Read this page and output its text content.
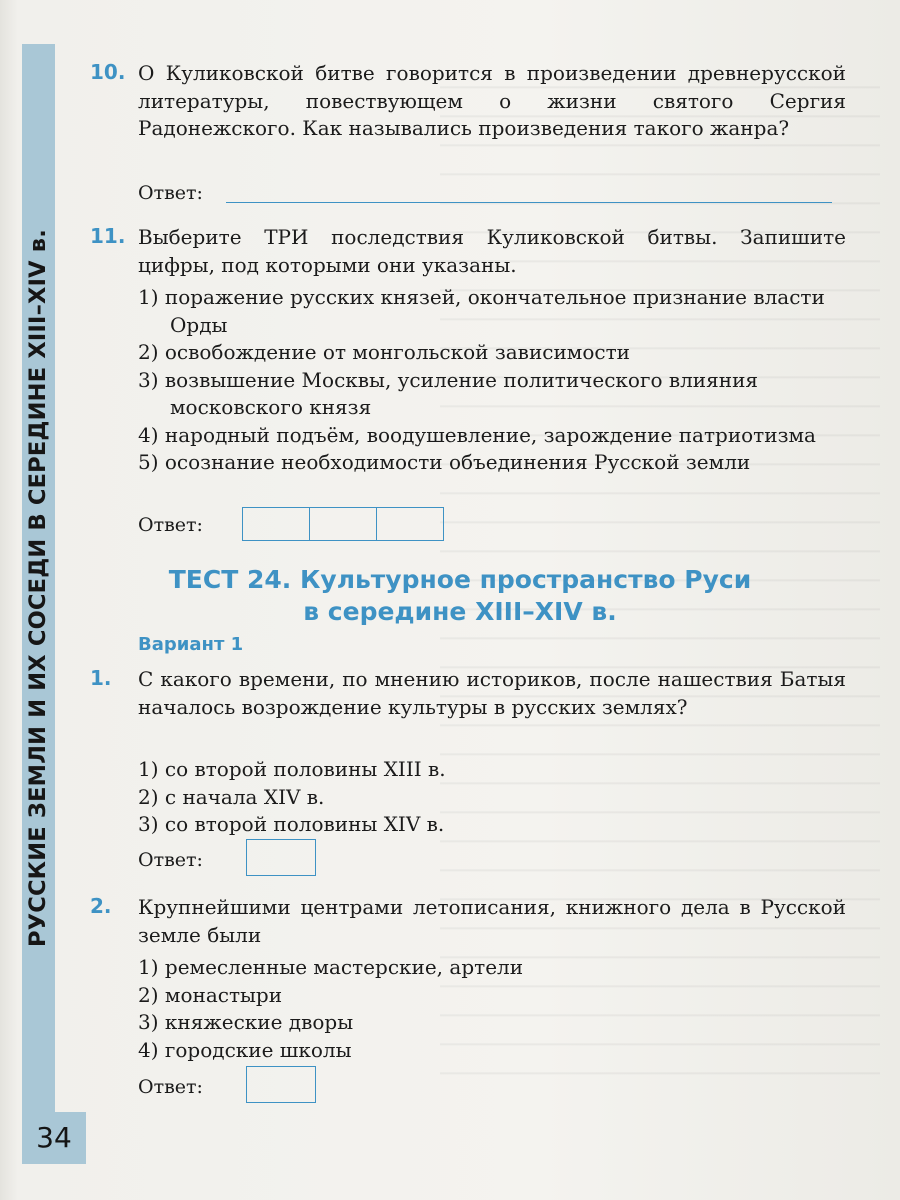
РУССКИЕ ЗЕМЛИ И ИХ СОСЕДИ В СЕРЕДИНЕ XIII–XIV в.
34
10. О Куликовской битве говорится в произведении древнерусской литературы, повествующем о жизни святого Сергия Радонежского. Как назывались произведения такого жанра?
Ответ:
11. Выберите ТРИ последствия Куликовской битвы. Запишите цифры, под которыми они указаны.
1) поражение русских князей, окончательное признание власти Орды
2) освобождение от монгольской зависимости
3) возвышение Москвы, усиление политического влияния московского князя
4) народный подъём, воодушевление, зарождение патриотизма
5) осознание необходимости объединения Русской земли
Ответ:
ТЕСТ 24. Культурное пространство Руси
в середине XIII–XIV в.
Вариант 1
1. С какого времени, по мнению историков, после нашествия Батыя началось возрождение культуры в русских землях?
1) со второй половины XIII в.
2) с начала XIV в.
3) со второй половины XIV в.
Ответ:
2. Крупнейшими центрами летописания, книжного дела в Русской земле были
1) ремесленные мастерские, артели
2) монастыри
3) княжеские дворы
4) городские школы
Ответ:
